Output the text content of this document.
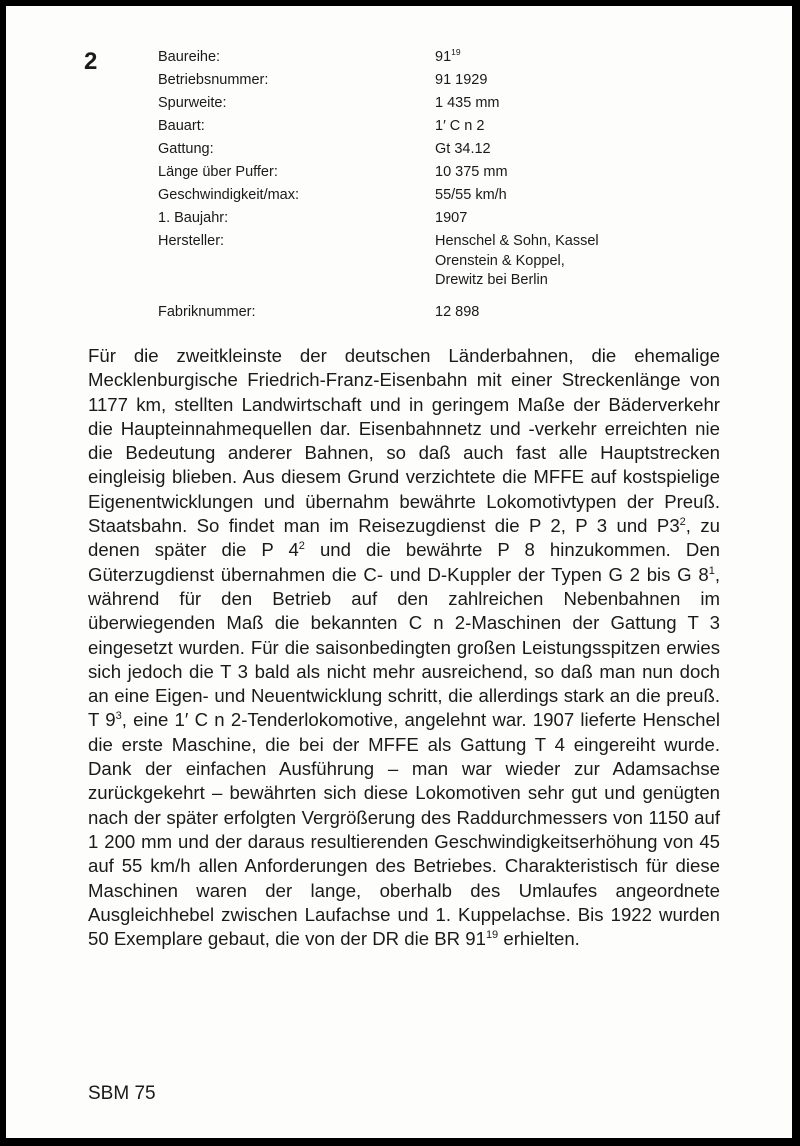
2	Baureihe:	$91^{19}$
Betriebsnummer:	91 1929
Spurweite:	1 435 mm
Bauart:	1′ C n 2
Gattung:	Gt 34.12
Länge über Puffer:	10 375 mm
Geschwindigkeit/max:	55/55 km/h
1. Baujahr:	1907
Hersteller:	Henschel & Sohn, Kassel
Orenstein & Koppel,
Drewitz bei Berlin
Fabriknummer:	12 898

Für die zweitkleinste der deutschen Länderbahnen, die ehemalige Mecklenburgische Friedrich-Franz-Eisenbahn mit einer Streckenlänge von 1177 km, stellten Landwirtschaft und in geringem Maße der Bäderverkehr die Haupteinnahmequellen dar. Eisenbahnnetz und -verkehr erreichten nie die Bedeutung anderer Bahnen, so daß auch fast alle Hauptstrecken eingleisig blieben. Aus diesem Grund verzichtete die MFFE auf kostspielige Eigenentwicklungen und übernahm bewährte Lokomotivtypen der Preuß. Staatsbahn. So findet man im Reisezugdienst die P 2, P 3 und $P3^2$, zu denen später die P $4^2$ und die bewährte P 8 hinzukommen. Den Güterzugdienst übernahmen die C- und D-Kuppler der Typen G 2 bis G $8^1$, während für den Betrieb auf den zahlreichen Nebenbahnen im überwiegenden Maß die bekannten C n 2-Maschinen der Gattung T 3 eingesetzt wurden. Für die saisonbedingten großen Leistungsspitzen erwies sich jedoch die T 3 bald als nicht mehr ausreichend, so daß man nun doch an eine Eigen- und Neuentwicklung schritt, die allerdings stark an die preuß. T $9^3$, eine 1′ C n 2-Tenderlokomotive, angelehnt war. 1907 lieferte Henschel die erste Maschine, die bei der MFFE als Gattung T 4 eingereiht wurde. Dank der einfachen Ausführung – man war wieder zur Adamsachse zurückgekehrt – bewährten sich diese Lokomotiven sehr gut und genügten nach der später erfolgten Vergrößerung des Raddurchmessers von 1150 auf 1 200 mm und der daraus resultierenden Geschwindigkeitserhöhung von 45 auf 55 km/h allen Anforderungen des Betriebes. Charakteristisch für diese Maschinen waren der lange, oberhalb des Umlaufes angeordnete Ausgleichhebel zwischen Laufachse und 1. Kuppelachse. Bis 1922 wurden 50 Exemplare gebaut, die von der DR die BR $91^{19}$ erhielten.

SBM 75
